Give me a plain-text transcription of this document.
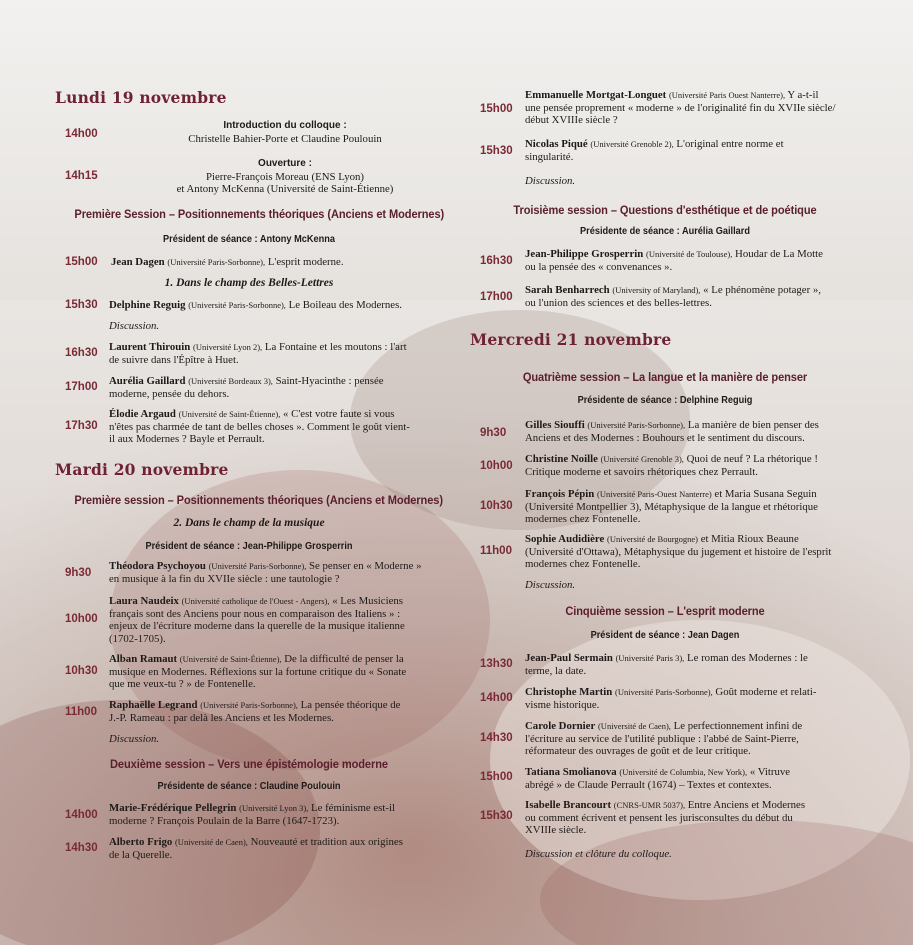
Lundi 19 novembre
14h00
Introduction du colloque :
Christelle Bahier-Porte et Claudine Poulouin
14h15
Ouverture :
Pierre-François Moreau (ENS Lyon)
et Antony McKenna (Université de Saint-Étienne)
Première Session – Positionnements théoriques (Anciens et Modernes)
Président de séance : Antony McKenna
15h00 Jean Dagen (Université Paris-Sorbonne), L'esprit moderne.
1. Dans le champ des Belles-Lettres
15h30 Delphine Reguig (Université Paris-Sorbonne), Le Boileau des Modernes.
Discussion.
16h30 Laurent Thirouin (Université Lyon 2), La Fontaine et les moutons : l'art
de suivre dans l'Épître à Huet.
17h00 Aurélia Gaillard (Université Bordeaux 3), Saint-Hyacinthe : pensée
moderne, pensée du dehors.
17h30
Élodie Argaud (Université de Saint-Étienne), « C'est votre faute si vous
n'êtes pas charmée de tant de belles choses ». Comment le goût vient-
il aux Modernes ? Bayle et Perrault.
Mardi 20 novembre
Première session – Positionnements théoriques (Anciens et Modernes)
2. Dans le champ de la musique
Président de séance : Jean-Philippe Grosperrin
9h30
Théodora Psychoyou (Université Paris-Sorbonne), Se penser en « Moderne »
en musique à la fin du XVIIe siècle : une tautologie ?
10h00
Laura Naudeix (Université catholique de l'Ouest - Angers), « Les Musiciens
français sont des Anciens pour nous en comparaison des Italiens » :
enjeux de l'écriture moderne dans la querelle de la musique italienne
(1702-1705).
10h30
Alban Ramaut (Université de Saint-Étienne), De la difficulté de penser la
musique en Modernes. Réflexions sur la fortune critique du « Sonate
que me veux-tu ? » de Fontenelle.
11h00
Raphaëlle Legrand (Université Paris-Sorbonne), La pensée théorique de
J.-P. Rameau : par delà les Anciens et les Modernes.
Discussion.
Deuxième session – Vers une épistémologie moderne
Présidente de séance : Claudine Poulouin
14h00
Marie-Frédérique Pellegrin (Université Lyon 3), Le féminisme est-il
moderne ? François Poulain de la Barre (1647-1723).
14h30 Alberto Frigo (Université de Caen), Nouveauté et tradition aux origines
de la Querelle.
15h00
Emmanuelle Mortgat-Longuet (Université Paris Ouest Nanterre), Y a-t-il
une pensée proprement « moderne » de l'originalité fin du XVIIe siècle/
début XVIIIe siècle ?
15h30
Nicolas Piqué (Université Grenoble 2), L'original entre norme et
singularité.
Discussion.
Troisième session – Questions d'esthétique et de poétique
Présidente de séance : Aurélia Gaillard
16h30
Jean-Philippe Grosperrin (Université de Toulouse), Houdar de La Motte
ou la pensée des « convenances ».
17h00
Sarah Benharrech (University of Maryland), « Le phénomène potager »,
ou l'union des sciences et des belles-lettres.
Mercredi 21 novembre
Quatrième session – La langue et la manière de penser
Présidente de séance : Delphine Reguig
9h30
Gilles Siouffi (Université Paris-Sorbonne), La manière de bien penser des
Anciens et des Modernes : Bouhours et le sentiment du discours.
10h00
Christine Noille (Université Grenoble 3), Quoi de neuf ? La rhétorique !
Critique moderne et savoirs rhétoriques chez Perrault.
10h30
François Pépin (Université Paris-Ouest Nanterre) et Maria Susana Seguin
(Université Montpellier 3), Métaphysique de la langue et rhétorique
modernes chez Fontenelle.
11h00
Sophie Audidière (Université de Bourgogne) et Mitia Rioux Beaune
(Université d'Ottawa), Métaphysique du jugement et histoire de l'esprit
modernes chez Fontenelle.
Discussion.
Cinquième session – L'esprit moderne
Président de séance : Jean Dagen
13h30 Jean-Paul Sermain (Université Paris 3), Le roman des Modernes : le
terme, la date.
14h00 Christophe Martin (Université Paris-Sorbonne), Goût moderne et relati-
visme historique.
14h30
Carole Dornier (Université de Caen), Le perfectionnement infini de
l'écriture au service de l'utilité publique : l'abbé de Saint-Pierre,
réformateur des ouvrages de goût et de leur critique.
15h00 Tatiana Smolianova (Université de Columbia, New York), « Vitruve
abrégé » de Claude Perrault (1674) – Textes et contextes.
15h30
Isabelle Brancourt (CNRS-UMR 5037), Entre Anciens et Modernes
ou comment écrivent et pensent les jurisconsultes du début du
XVIIIe siècle.
Discussion et clôture du colloque.
